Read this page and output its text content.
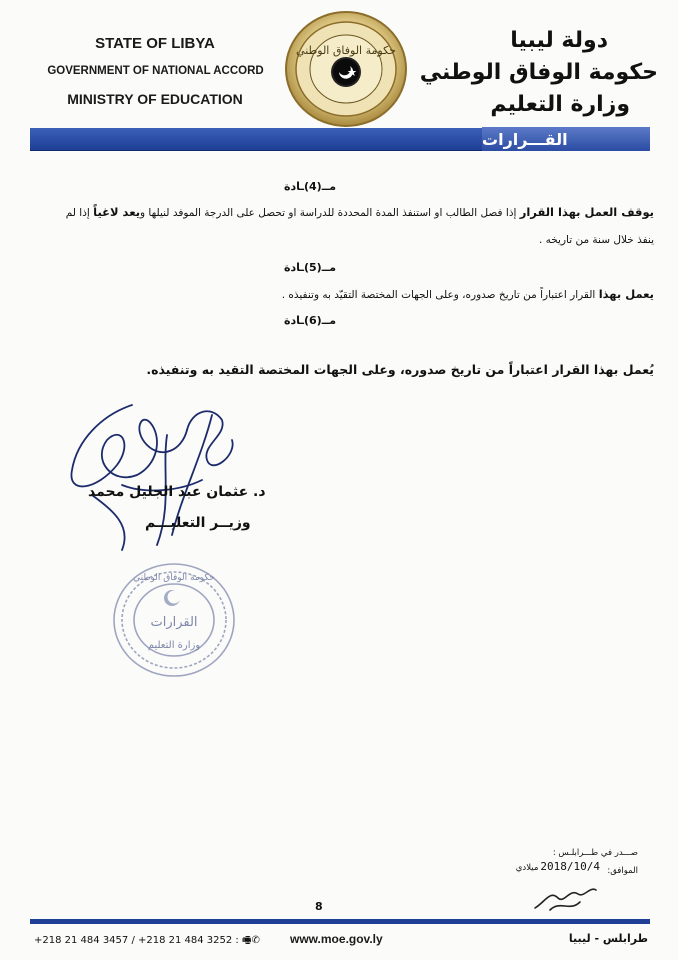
STATE OF LIBYA
GOVERNMENT OF NATIONAL ACCORD
MINISTRY OF EDUCATION
حكومة الوفاق الوطني	دولة ليبيا
حكومة الوفاق الوطني
وزارة التعليم
القـــرارات
مــ(4)ـادة
يوقف العمل بهذا القرار إذا فصل الطالب او استنفذ المدة المحددة للدراسة او تحصل على الدرجة الموفد لنيلها ويعد لاغياً إذا لم ينفذ خلال سنة من تاريخه .
مــ(5)ـادة
يعمل بهذا القرار اعتباراً من تاريخ صدوره، وعلى الجهات المختصة التقيّد به وتنفيذه .
مــ(6)ـادة
يُعمل بهذا القرار اعتباراً من تاريخ صدوره، وعلى الجهات المختصة التقيد به وتنفيذه.
د. عثمان عبد الجليل محمد
وزيــر التعليـــم
حكومة الوفاق الوطني
القرارات
وزارة التعليم
صـــدر في طـــرابلـس :
الموافق:
ميلادي 2018/10/4
8
+218 21 484 3457 / +218 21 484 3252 : 🖷✆	www.moe.gov.ly	طرابلس - ليبيا
